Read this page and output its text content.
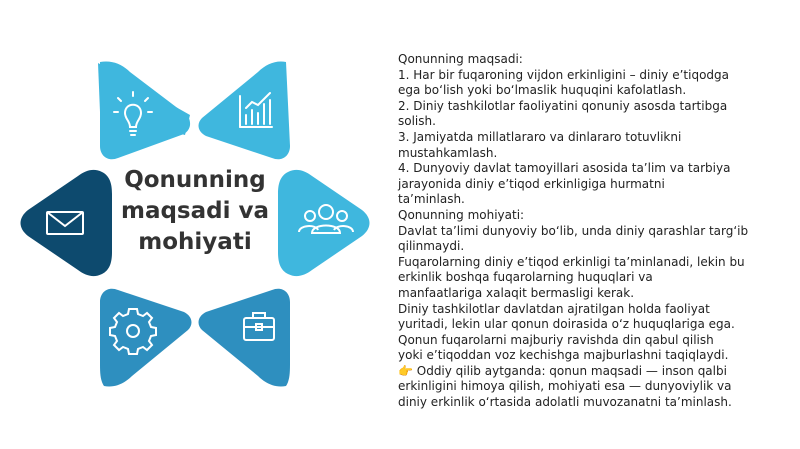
Qonunning
maqsadi va
mohiyati
Qonunning maqsadi:
1. Har bir fuqaroning vijdon erkinligini – diniy e’tiqodga
ega bo‘lish yoki bo‘lmaslik huquqini kafolatlash.
2. Diniy tashkilotlar faoliyatini qonuniy asosda tartibga
solish.
3. Jamiyatda millatlararo va dinlararo totuvlikni
mustahkamlash.
4. Dunyoviy davlat tamoyillari asosida ta’lim va tarbiya
jarayonida diniy e’tiqod erkinligiga hurmatni
ta’minlash.
Qonunning mohiyati:
Davlat ta’limi dunyoviy bo‘lib, unda diniy qarashlar targ‘ib
qilinmaydi.
Fuqarolarning diniy e’tiqod erkinligi ta’minlanadi, lekin bu
erkinlik boshqa fuqarolarning huquqlari va
manfaatlariga xalaqit bermasligi kerak.
Diniy tashkilotlar davlatdan ajratilgan holda faoliyat
yuritadi, lekin ular qonun doirasida o‘z huquqlariga ega.
Qonun fuqarolarni majburiy ravishda din qabul qilish
yoki e’tiqoddan voz kechishga majburlashni taqiqlaydi.
👉 Oddiy qilib aytganda: qonun maqsadi — inson qalbi
erkinligini himoya qilish, mohiyati esa — dunyoviylik va
diniy erkinlik o‘rtasida adolatli muvozanatni ta’minlash.
